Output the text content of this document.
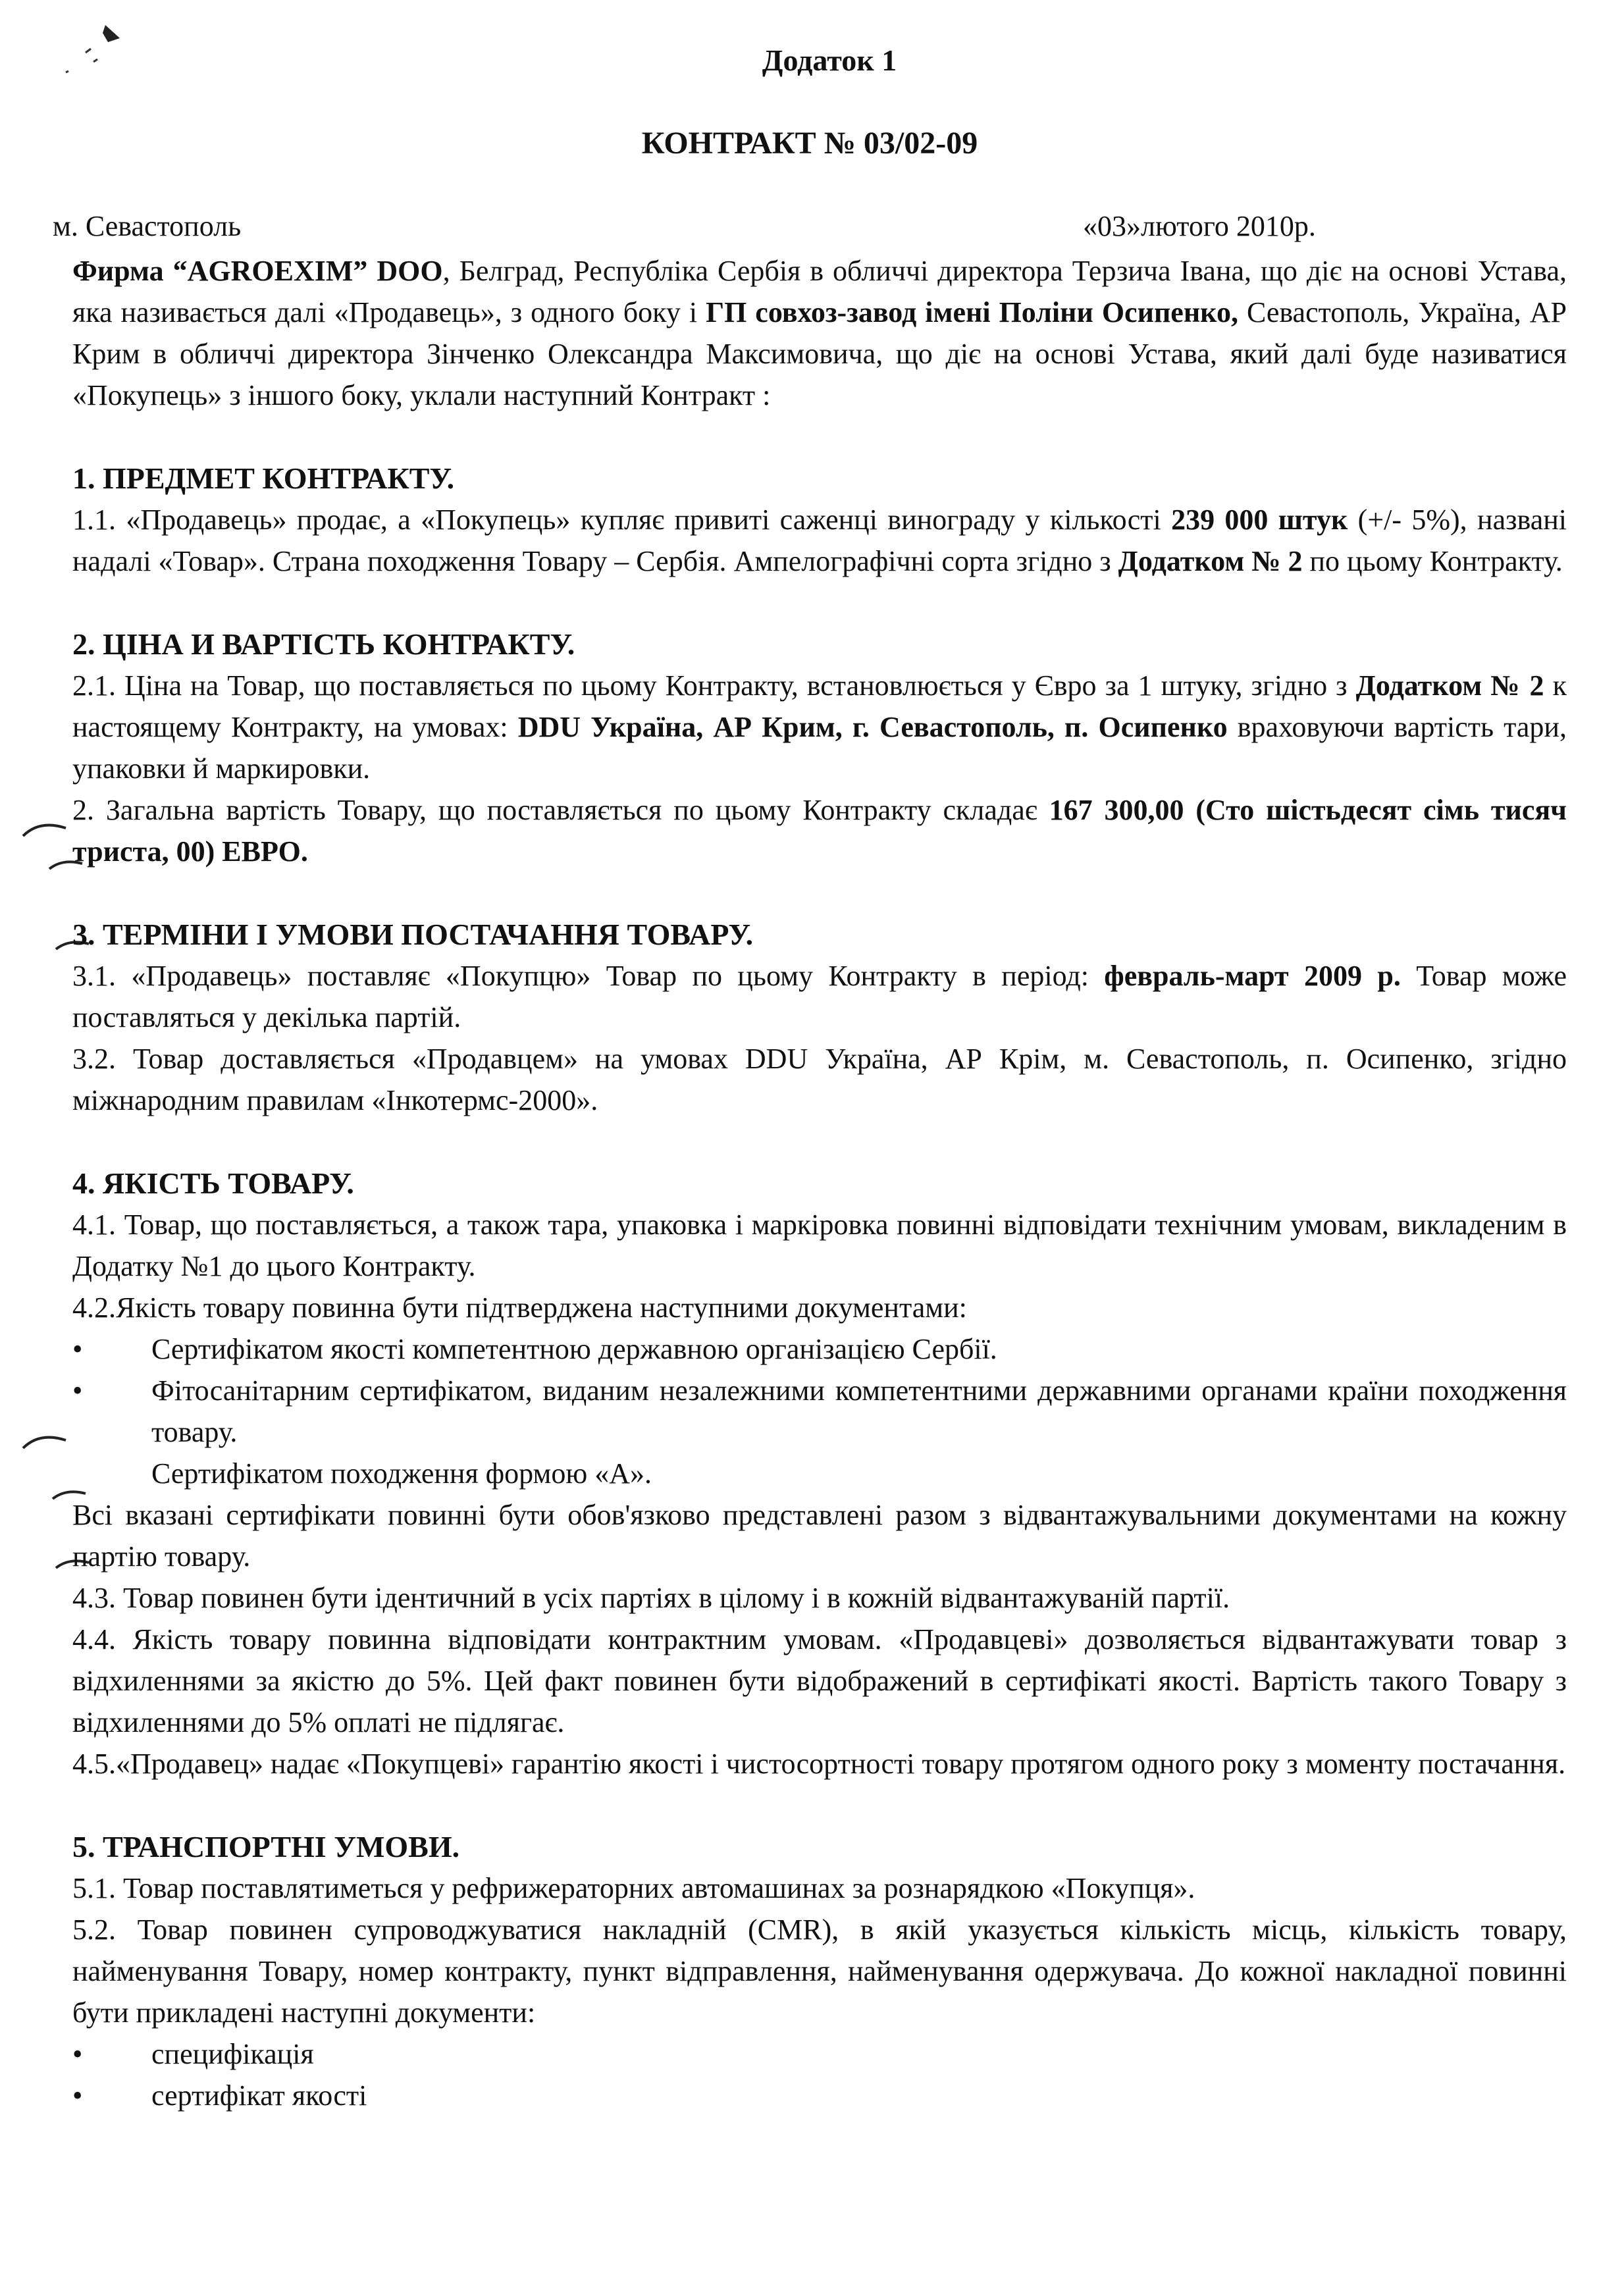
Додаток 1
КОНТРАКТ № 03/02-09
м. Севастополь	«03»лютого 2010р.

Фирма “AGROEXIM” DOO, Белград, Республіка Сербія в обличчі директора Терзича Івана, що діє на основі Устава, яка називається далі «Продавець», з одного боку і ГП совхоз-завод імені Поліни Осипенко, Севастополь, Україна, АР Крим в обличчі директора Зінченко Олександра Максимовича, що діє на основі Устава, який далі буде називатися «Покупець» з іншого боку, уклали наступний Контракт :

1. ПРЕДМЕТ КОНТРАКТУ.

1.1. «Продавець» продає, а «Покупець» купляє привиті саженці винограду у кількості 239 000 штук (+/- 5%), названі надалі «Товар». Страна походження Товару – Сербія. Ампелографічні сорта згідно з Додатком № 2 по цьому Контракту.

2. ЦІНА И ВАРТІСТЬ КОНТРАКТУ.

2.1. Ціна на Товар, що поставляється по цьому Контракту, встановлюється у Євро за 1 штуку, згідно з Додатком № 2 к настоящему Контракту, на умовах: DDU Україна, АР Крим, г. Севастополь, п. Осипенко враховуючи вартість тари, упаковки й маркировки.

2. Загальна вартість Товару, що поставляється по цьому Контракту складає 167 300,00 (Сто шістьдесят сімь тисяч триста, 00) ЕВРО.

3. ТЕРМІНИ І УМОВИ ПОСТАЧАННЯ ТОВАРУ.

3.1. «Продавець» поставляє «Покупцю» Товар по цьому Контракту в період: февраль-март 2009 р. Товар може поставляться у декілька партій.

3.2. Товар доставляється «Продавцем» на умовах DDU Україна, АР Крім, м. Севастополь, п. Осипенко, згідно міжнародним правилам «Інкотермс-2000».

4. ЯКІСТЬ ТОВАРУ.

4.1. Товар, що поставляється, а також тара, упаковка і маркіровка повинні відповідати технічним умовам, викладеним в Додатку №1 до цього Контракту.

4.2.Якість товару повинна бути підтверджена наступними документами:

• Сертифікатом якості компетентною державною організацією Сербії.

• Фітосанітарним сертифікатом, виданим незалежними компетентними державними органами країни походження товару.

Сертифікатом походження формою «А».

Всі вказані сертифікати повинні бути обов'язково представлені разом з відвантажувальними документами на кожну партію товару.

4.3. Товар повинен бути ідентичний в усіх партіях в цілому і в кожній відвантажуваній партії.

4.4. Якість товару повинна відповідати контрактним умовам. «Продавцеві» дозволяється відвантажувати товар з відхиленнями за якістю до 5%. Цей факт повинен бути відображений в сертифікаті якості. Вартість такого Товару з відхиленнями до 5% оплаті не підлягає.

4.5.«Продавец» надає «Покупцеві» гарантію якості і чистосортності товару протягом одного року з моменту постачання.

5. ТРАНСПОРТНІ УМОВИ.

5.1. Товар поставлятиметься у рефрижераторних автомашинах за рознарядкою «Покупця».

5.2. Товар повинен супроводжуватися накладній (CMR), в якій указується кількість місць, кількість товару, найменування Товару, номер контракту, пункт відправлення, найменування одержувача. До кожної накладної повинні бути прикладені наступні документи:

• специфікація

• сертифікат якості
